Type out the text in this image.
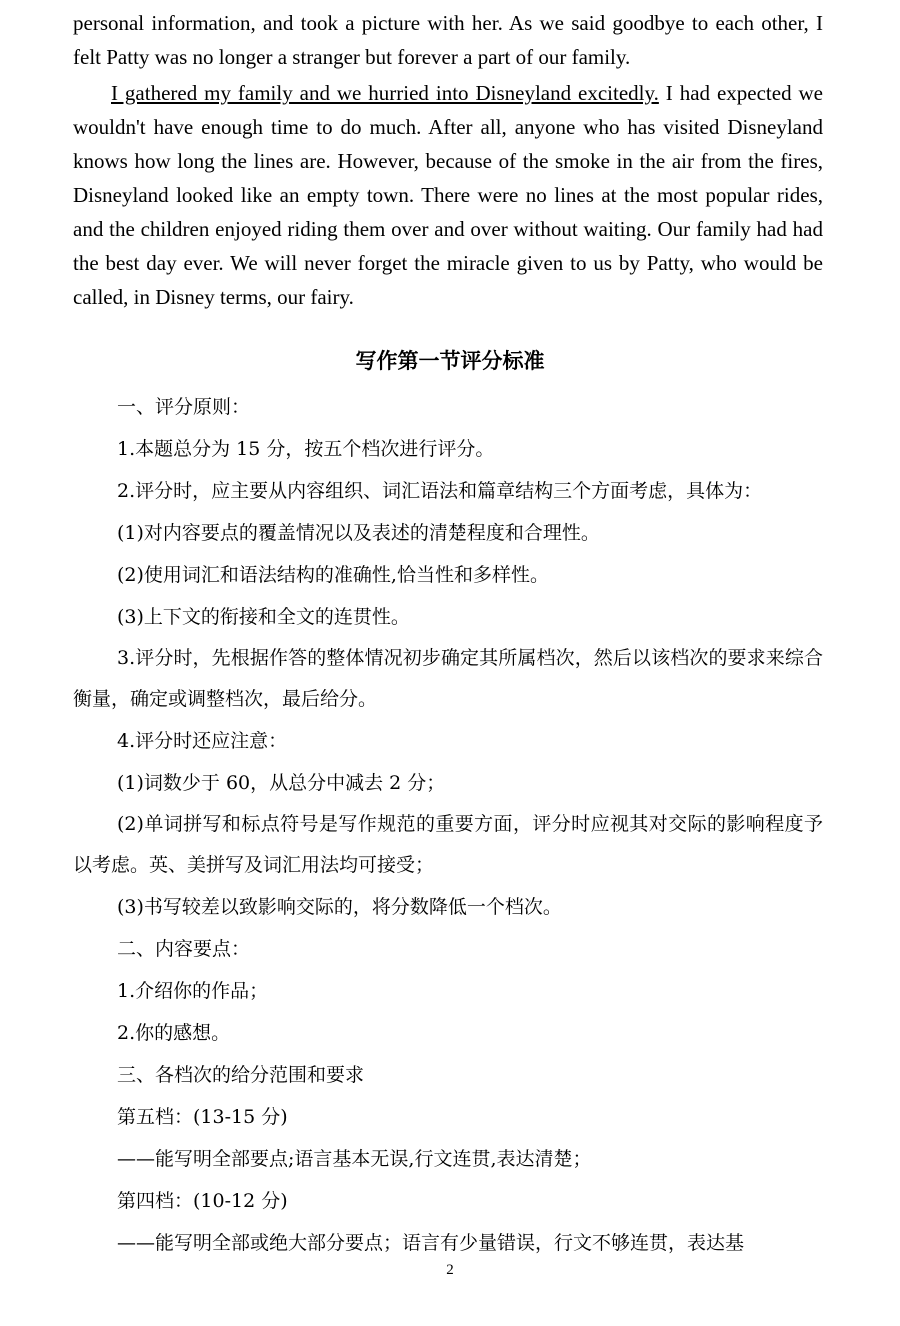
personal information, and took a picture with her. As we said goodbye to each other, I felt Patty was no longer a stranger but forever a part of our family.

I gathered my family and we hurried into Disneyland excitedly. I had expected we wouldn't have enough time to do much. After all, anyone who has visited Disneyland knows how long the lines are. However, because of the smoke in the air from the fires, Disneyland looked like an empty town. There were no lines at the most popular rides, and the children enjoyed riding them over and over without waiting. Our family had had the best day ever. We will never forget the miracle given to us by Patty, who would be called, in Disney terms, our fairy.

写作第一节评分标准

一、评分原则：

1.本题总分为 15 分，按五个档次进行评分。

2.评分时，应主要从内容组织、词汇语法和篇章结构三个方面考虑，具体为：

(1)对内容要点的覆盖情况以及表述的清楚程度和合理性。

(2)使用词汇和语法结构的准确性,恰当性和多样性。

(3)上下文的衔接和全文的连贯性。

3.评分时，先根据作答的整体情况初步确定其所属档次，然后以该档次的要求来综合衡量，确定或调整档次，最后给分。

4.评分时还应注意：

(1)词数少于 60，从总分中减去 2 分；

(2)单词拼写和标点符号是写作规范的重要方面，评分时应视其对交际的影响程度予以考虑。英、美拼写及词汇用法均可接受；

(3)书写较差以致影响交际的，将分数降低一个档次。

二、内容要点：

1.介绍你的作品；

2.你的感想。

三、各档次的给分范围和要求

第五档：(13-15 分)

——能写明全部要点;语言基本无误,行文连贯,表达清楚；

第四档：(10-12 分)

——能写明全部或绝大部分要点；语言有少量错误，行文不够连贯，表达基

2
